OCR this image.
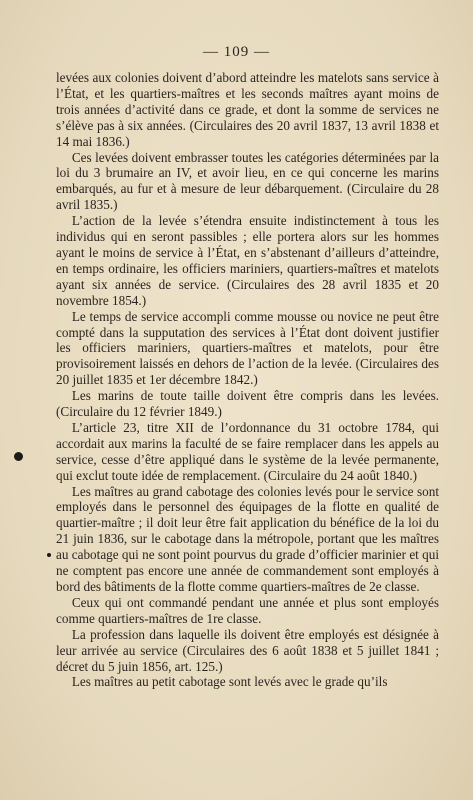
— 109 —

levées aux colonies doivent d’abord atteindre les matelots sans service à l’État, et les quartiers-maîtres et les seconds maîtres ayant moins de trois années d’activité dans ce grade, et dont la somme de services ne s’élève pas à six années. (Circulaires des 20 avril 1837, 13 avril 1838 et 14 mai 1836.)

Ces levées doivent embrasser toutes les catégories déterminées par la loi du 3 brumaire an IV, et avoir lieu, en ce qui concerne les marins embarqués, au fur et à mesure de leur débarquement. (Circulaire du 28 avril 1835.)

L’action de la levée s’étendra ensuite indistinctement à tous les individus qui en seront passibles ; elle portera alors sur les hommes ayant le moins de service à l’État, en s’abstenant d’ailleurs d’atteindre, en temps ordinaire, les officiers mariniers, quartiers-maîtres et matelots ayant six années de service. (Circulaires des 28 avril 1835 et 20 novembre 1854.)

Le temps de service accompli comme mousse ou novice ne peut être compté dans la supputation des services à l’État dont doivent justifier les officiers mariniers, quartiers-maîtres et matelots, pour être provisoirement laissés en dehors de l’action de la levée. (Circulaires des 20 juillet 1835 et 1er décembre 1842.)

Les marins de toute taille doivent être compris dans les levées. (Circulaire du 12 février 1849.)

L’article 23, titre XII de l’ordonnance du 31 octobre 1784, qui accordait aux marins la faculté de se faire remplacer dans les appels au service, cesse d’être appliqué dans le système de la levée permanente, qui exclut toute idée de remplacement. (Circulaire du 24 août 1840.)

Les maîtres au grand cabotage des colonies levés pour le service sont employés dans le personnel des équipages de la flotte en qualité de quartier-maître ; il doit leur être fait application du bénéfice de la loi du 21 juin 1836, sur le cabotage dans la métropole, portant que les maîtres au cabotage qui ne sont point pourvus du grade d’officier marinier et qui ne comptent pas encore une année de commandement sont employés à bord des bâtiments de la flotte comme quartiers-maîtres de 2e classe.

Ceux qui ont commandé pendant une année et plus sont employés comme quartiers-maîtres de 1re classe.

La profession dans laquelle ils doivent être employés est désignée à leur arrivée au service (Circulaires des 6 août 1838 et 5 juillet 1841 ; décret du 5 juin 1856, art. 125.)

Les maîtres au petit cabotage sont levés avec le grade qu’ils
